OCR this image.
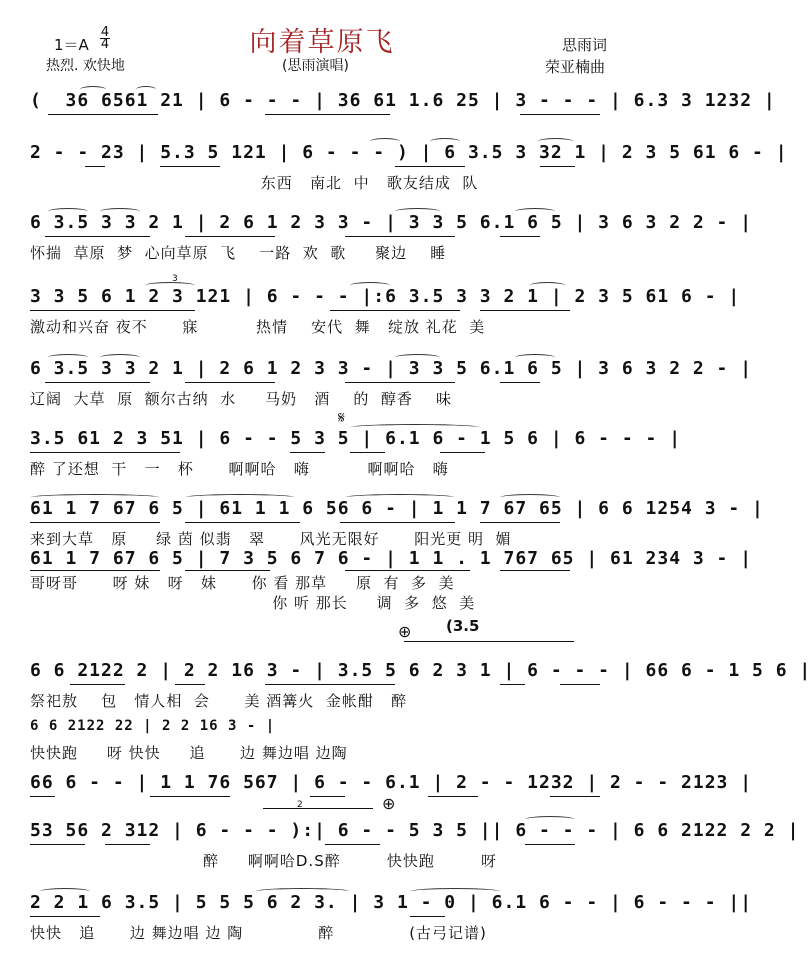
1＝A
4
4
热烈. 欢快地
向着草原飞
(思雨演唱)
思雨词
荣亚楠曲
(  36 6561 21 | 6 - - - | 36 61 1.6 25 | 3 - - - | 6.3 3 1232 |
2 - - 23 | 5.3 5 121 | 6 - - - ) | 6 3.5 3 32 1 | 2 3 5 61 6 - |
东西   南北  中   歌友结成  队
6 3.5 3 3 2 1 | 2 6 1 2 3 3 - | 3 3 5 6.1 6 5 | 3 6 3 2 2 - |
怀揣  草原  梦  心向草原  飞    一路  欢  歌     聚边    睡
3 3 5 6 1 2 3 121 | 6 - - - |:6 3.5 3 3 2 1 | 2 3 5 61 6 - |
3
激动和兴奋 夜不      寐          热情    安代  舞   绽放 礼花  美
6 3.5 3 3 2 1 | 2 6 1 2 3 3 - | 3 3 5 6.1 6 5 | 3 6 3 2 2 - |
辽阔  大草  原  额尔古纳  水     马奶   酒    的  醇香    味
𝄋
3.5 61 2 3 51 | 6 - - 5 3 5 | 6.1 6 - 1 5 6 | 6 - - - |
醉 了还想  干   一   杯      啊啊哈   嗨          啊啊哈   嗨
61 1 7 67 6 5 | 61 1 1 6 56 6 - | 1 1 7 67 65 | 6 6 1254 3 - |
来到大草   原     绿 茵 似翡   翠      风光无限好      阳光更 明  媚
61 1 7 67 6 5 | 7 3 5 6 7 6 - | 1 1 . 1 767 65 | 61 234 3 - |
哥呀哥      呀 妹   呀   妹      你 看 那草     原  有  多  美
你 听 那长     调  多  悠  美
⊕ (3.5
6 6 2122 2 | 2 2 16 3 - | 3.5 5 6 2 3 1 | 6 - - - | 66 6 - 1 5 6 |
祭祀敖    包   情人相  会      美 酒篝火  金帐酣   醉
6 6 2122 22 | 2 2 16 3 - |
快快跑     呀 快快     追      边 舞边唱 边陶
66 6 - - | 1 1 76 567 | 6 - - 6.1 | 2 - - 1232 | 2 - - 2123 |
2	⊕
53 56 2 312 | 6 - - - ):| 6 - - 5 3 5 || 6 - - - | 6 6 2122 2 2 |
醉     啊啊哈D.S醉        快快跑        呀
2 2 1 6 3.5 | 5 5 5 6 2 3. | 3 1 - 0 | 6.1 6 - - | 6 - - - ||
快快   追      边 舞边唱 边 陶             醉             (古弓记谱)
